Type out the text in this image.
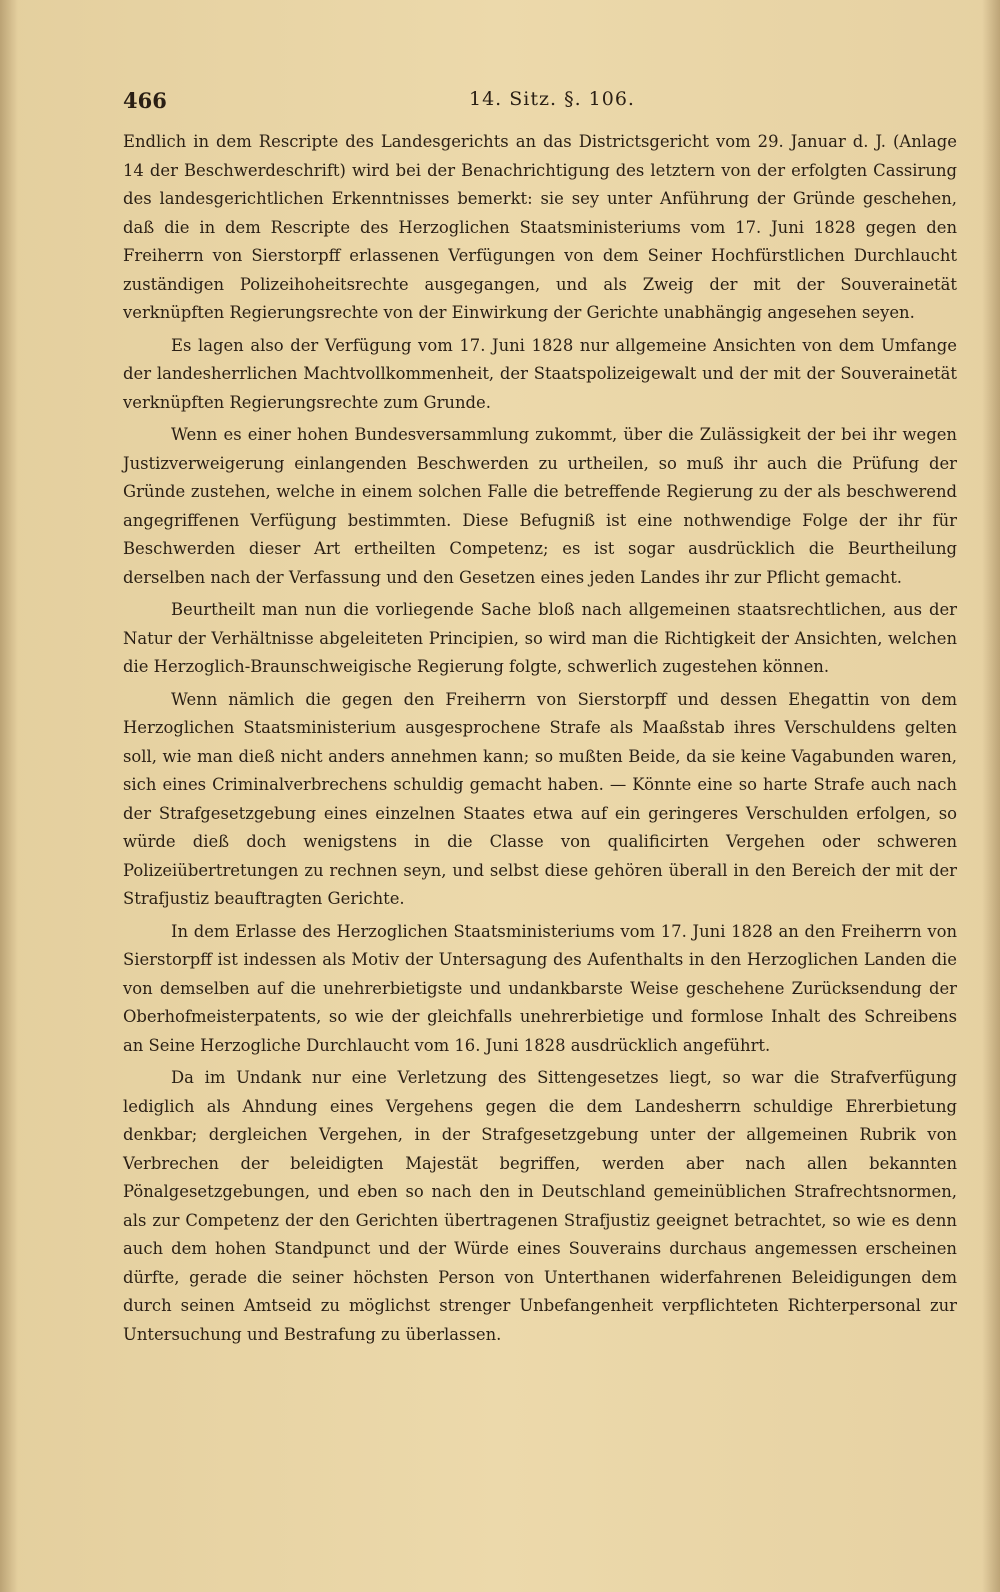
466	14. Sitz. §. 106.

Endlich in dem Rescripte des Landesgerichts an das Districtsgericht vom 29. Januar d. J. (Anlage 14 der Beschwerdeschrift) wird bei der Benachrichtigung des letztern von der erfolgten Cassirung des landesgerichtlichen Erkenntnisses bemerkt: sie sey unter Anführung der Gründe geschehen, daß die in dem Rescripte des Herzoglichen Staatsministeriums vom 17. Juni 1828 gegen den Freiherrn von Sierstorpff erlassenen Verfügungen von dem Seiner Hochfürstlichen Durchlaucht zuständigen Polizeihoheitsrechte ausgegangen, und als Zweig der mit der Souverainetät verknüpften Regierungsrechte von der Einwirkung der Gerichte unabhängig angesehen seyen.

Es lagen also der Verfügung vom 17. Juni 1828 nur allgemeine Ansichten von dem Umfange der landesherrlichen Machtvollkommenheit, der Staatspolizeigewalt und der mit der Souverainetät verknüpften Regierungsrechte zum Grunde.

Wenn es einer hohen Bundesversammlung zukommt, über die Zulässigkeit der bei ihr wegen Justizverweigerung einlangenden Beschwerden zu urtheilen, so muß ihr auch die Prüfung der Gründe zustehen, welche in einem solchen Falle die betreffende Regierung zu der als beschwerend angegriffenen Verfügung bestimmten. Diese Befugniß ist eine nothwendige Folge der ihr für Beschwerden dieser Art ertheilten Competenz; es ist sogar ausdrücklich die Beurtheilung derselben nach der Verfassung und den Gesetzen eines jeden Landes ihr zur Pflicht gemacht.

Beurtheilt man nun die vorliegende Sache bloß nach allgemeinen staatsrechtlichen, aus der Natur der Verhältnisse abgeleiteten Principien, so wird man die Richtigkeit der Ansichten, welchen die Herzoglich-Braunschweigische Regierung folgte, schwerlich zugestehen können.

Wenn nämlich die gegen den Freiherrn von Sierstorpff und dessen Ehegattin von dem Herzoglichen Staatsministerium ausgesprochene Strafe als Maaßstab ihres Verschuldens gelten soll, wie man dieß nicht anders annehmen kann; so mußten Beide, da sie keine Vagabunden waren, sich eines Criminalverbrechens schuldig gemacht haben. — Könnte eine so harte Strafe auch nach der Strafgesetzgebung eines einzelnen Staates etwa auf ein geringeres Verschulden erfolgen, so würde dieß doch wenigstens in die Classe von qualificirten Vergehen oder schweren Polizeiübertretungen zu rechnen seyn, und selbst diese gehören überall in den Bereich der mit der Strafjustiz beauftragten Gerichte.

In dem Erlasse des Herzoglichen Staatsministeriums vom 17. Juni 1828 an den Freiherrn von Sierstorpff ist indessen als Motiv der Untersagung des Aufenthalts in den Herzoglichen Landen die von demselben auf die unehrerbietigste und undankbarste Weise geschehene Zurücksendung der Oberhofmeisterpatents, so wie der gleichfalls unehrerbietige und formlose Inhalt des Schreibens an Seine Herzogliche Durchlaucht vom 16. Juni 1828 ausdrücklich angeführt.

Da im Undank nur eine Verletzung des Sittengesetzes liegt, so war die Strafverfügung lediglich als Ahndung eines Vergehens gegen die dem Landesherrn schuldige Ehrerbietung denkbar; dergleichen Vergehen, in der Strafgesetzgebung unter der allgemeinen Rubrik von Verbrechen der beleidigten Majestät begriffen, werden aber nach allen bekannten Pönalgesetzgebungen, und eben so nach den in Deutschland gemeinüblichen Strafrechtsnormen, als zur Competenz der den Gerichten übertragenen Strafjustiz geeignet betrachtet, so wie es denn auch dem hohen Standpunct und der Würde eines Souverains durchaus angemessen erscheinen dürfte, gerade die seiner höchsten Person von Unterthanen widerfahrenen Beleidigungen dem durch seinen Amtseid zu möglichst strenger Unbefangenheit verpflichteten Richterpersonal zur Untersuchung und Bestrafung zu überlassen.
